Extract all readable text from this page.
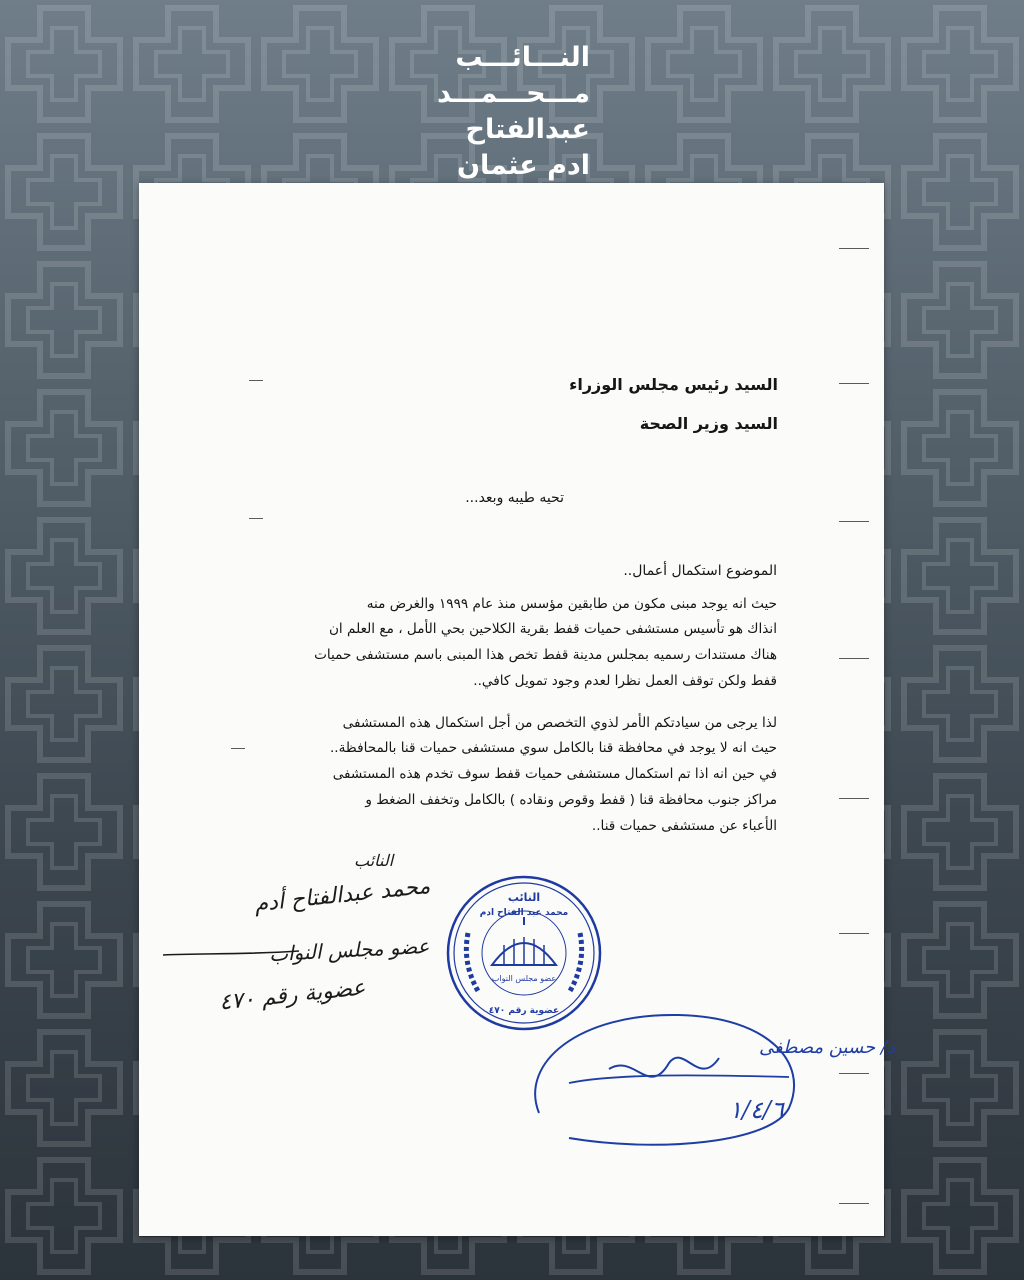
النـــائـــب
مـــحـــمـــد
عبدالفتاح
ادم عثمان
السيد رئيس مجلس الوزراء
السيد وزير الصحة
تحيه طيبه وبعد...
الموضوع استكمال أعمال..
حيث انه يوجد مبنى مكون من طابقين مؤسس منذ عام ١٩٩٩ والغرض منه
انذاك هو تأسيس مستشفى حميات قفط بقرية الكلاحين بحي الأمل ، مع العلم ان
هناك مستندات رسميه بمجلس مدينة قفط تخص هذا المبنى باسم مستشفى حميات
قفط ولكن توقف العمل نظرا لعدم وجود تمويل كافي..
لذا يرجى من سيادتكم الأمر لذوي التخصص من أجل استكمال هذه المستشفى
حيث انه لا يوجد في محافظة قنا بالكامل سوي مستشفى حميات قنا بالمحافظة..
في حين انه اذا تم استكمال مستشفى حميات قفط سوف تخدم هذه المستشفى
مراكز جنوب محافظة قنا ( قفط وقوص ونقاده ) بالكامل وتخفف الضغط و
الأعباء عن مستشفى حميات قنا..
النائب
محمد عبدالفتاح أدم
عضو مجلس النواب
عضوية رقم ٤٧٠
النائب
محمد عبد الفتاح ادم
عضو مجلس النواب
عضوية رقم ٤٧٠
د/ حسين مصطفى
١/٤/٦
